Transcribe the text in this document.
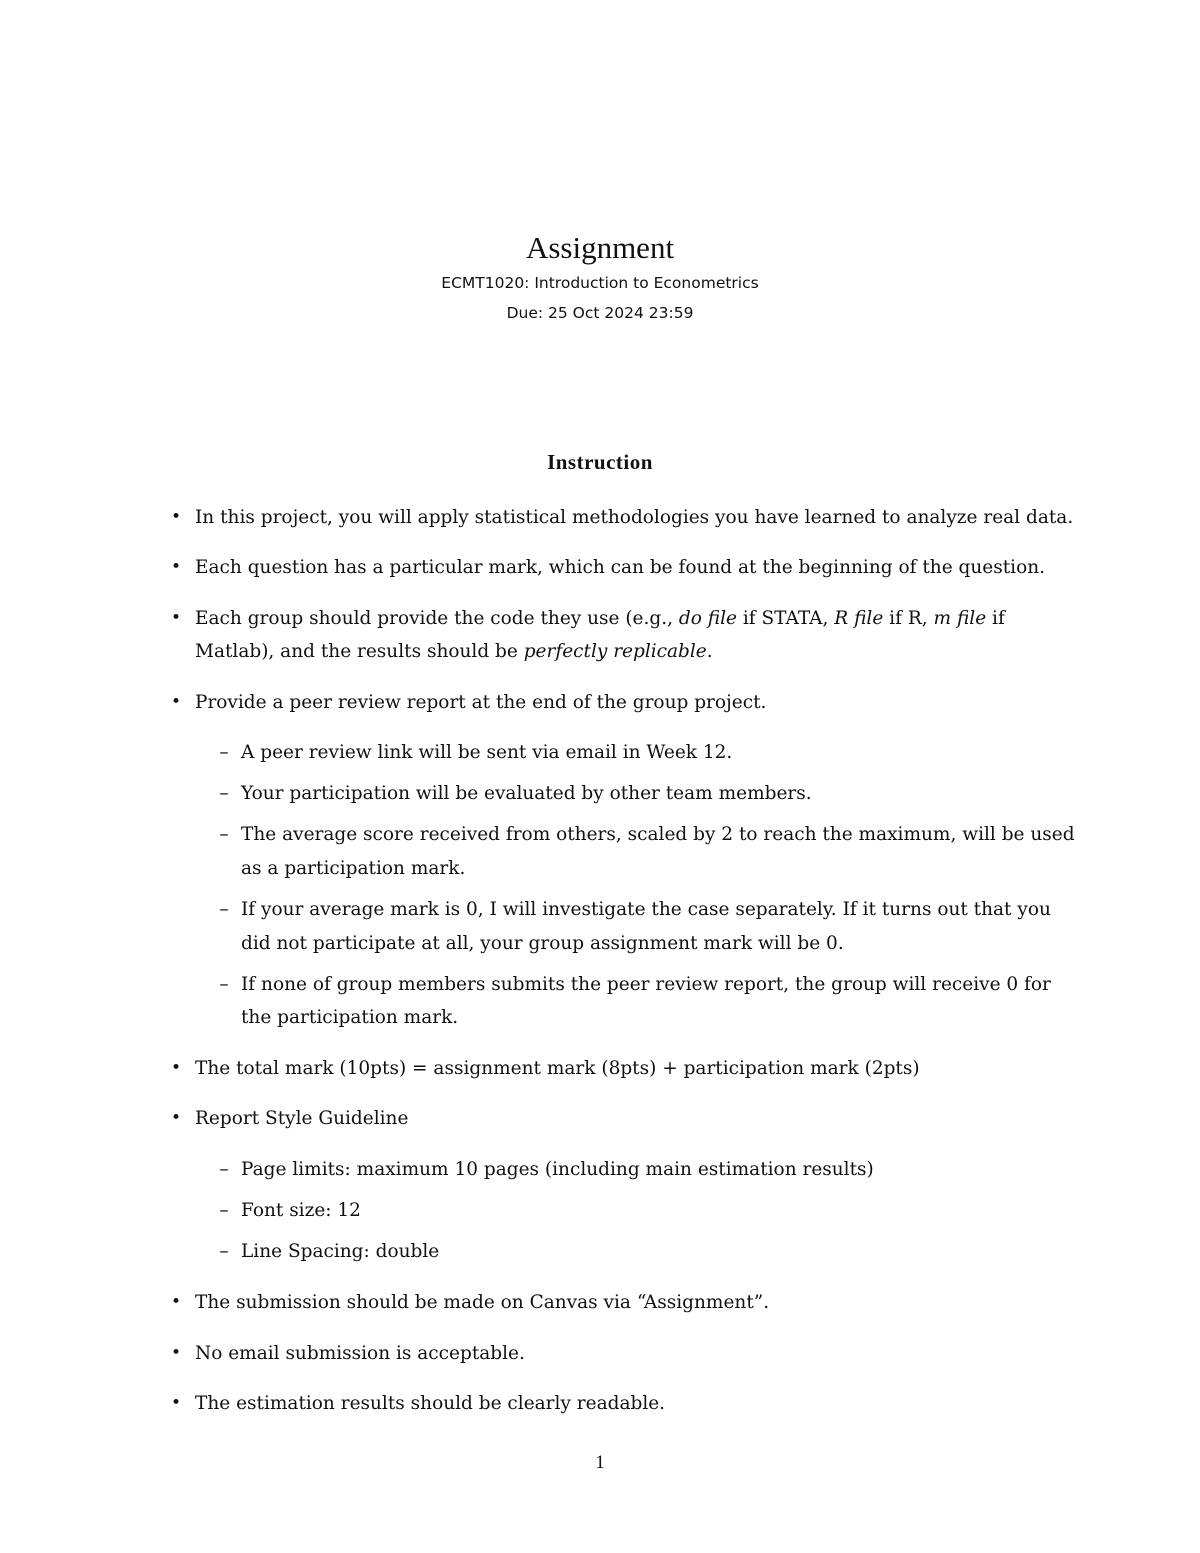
Assignment

ECMT1020: Introduction to Econometrics

Due: 25 Oct 2024 23:59

Instruction
• In this project, you will apply statistical methodologies you have learned to analyze real data.
• Each question has a particular mark, which can be found at the beginning of the question.
• Each group should provide the code they use (e.g., do file if STATA, R file if R, m file if
Matlab), and the results should be perfectly replicable.
• Provide a peer review report at the end of the group project.
– A peer review link will be sent via email in Week 12.
– Your participation will be evaluated by other team members.
– The average score received from others, scaled by 2 to reach the maximum, will be used
as a participation mark.
– If your average mark is 0, I will investigate the case separately. If it turns out that you
did not participate at all, your group assignment mark will be 0.
– If none of group members submits the peer review report, the group will receive 0 for
the participation mark.
• The total mark (10pts) = assignment mark (8pts) + participation mark (2pts)
• Report Style Guideline
– Page limits: maximum 10 pages (including main estimation results)
– Font size: 12
– Line Spacing: double
• The submission should be made on Canvas via “Assignment”.
• No email submission is acceptable.
• The estimation results should be clearly readable.
1
